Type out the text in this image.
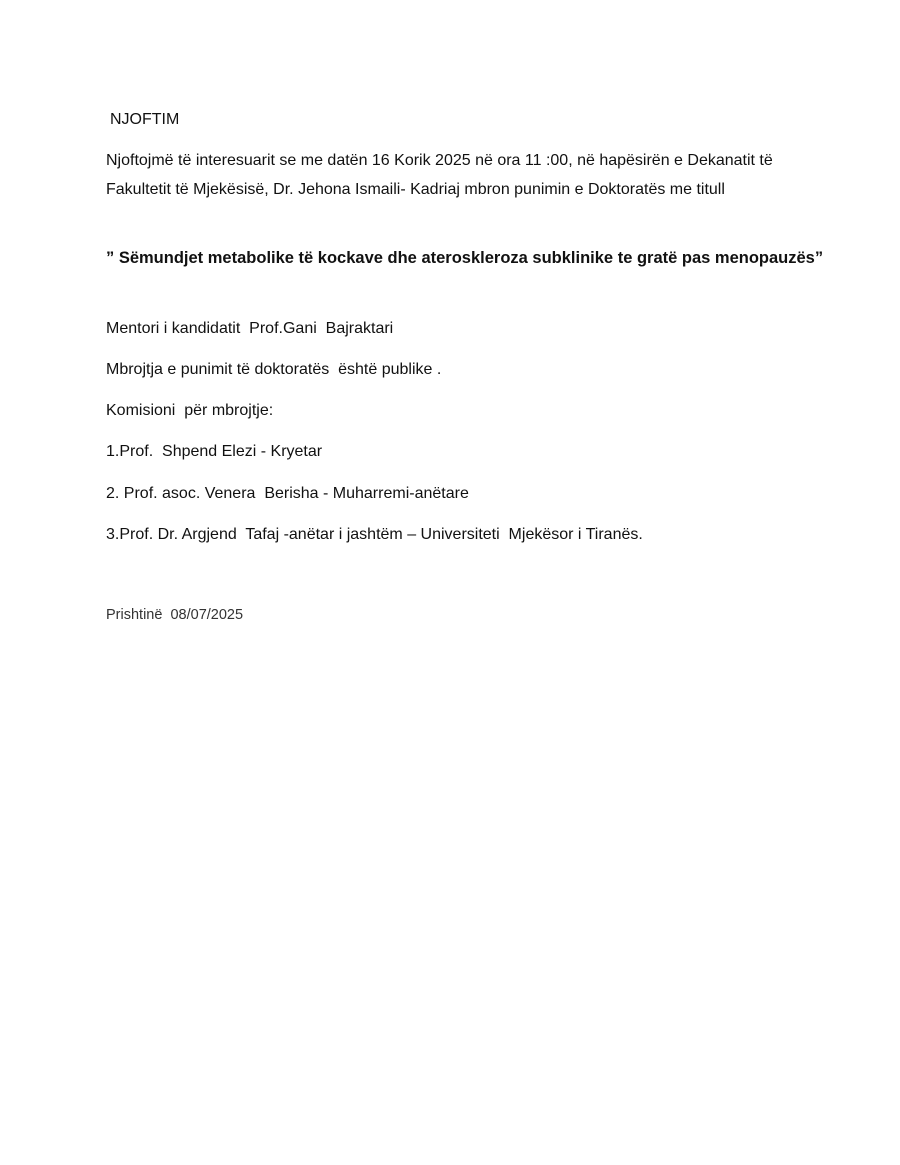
NJOFTIM

Njoftojmë të interesuarit se me datën 16 Korik 2025 në ora 11 :00, në hapësirën e Dekanatit të Fakultetit të Mjekësisë, Dr. Jehona Ismaili- Kadriaj mbron punimin e Doktoratës me titull

” Sëmundjet metabolike të kockave dhe ateroskleroza subklinike te gratë pas menopauzës”

Mentori i kandidatit  Prof.Gani  Bajraktari

Mbrojtja e punimit të doktoratës  është publike .

Komisioni  për mbrojtje:

1.Prof.  Shpend Elezi - Kryetar

2. Prof. asoc. Venera  Berisha - Muharremi-anëtare

3.Prof. Dr. Argjend  Tafaj -anëtar i jashtëm – Universiteti  Mjekësor i Tiranës.

Prishtinë  08/07/2025
